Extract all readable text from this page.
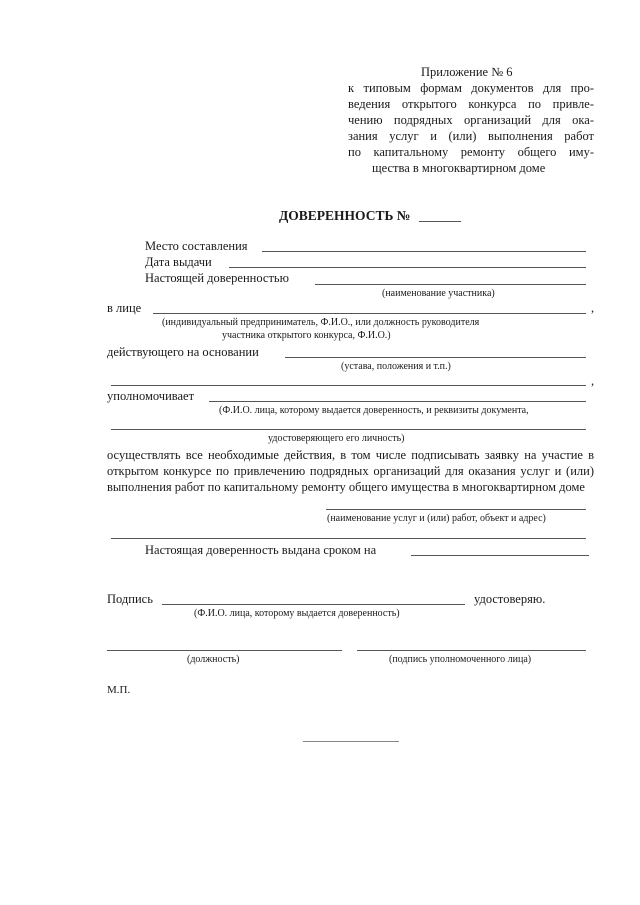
Приложение № 6
к типовым формам документов для про-
ведения открытого конкурса по привле-
чению подрядных организаций для ока-
зания услуг и (или) выполнения работ
по капитальному ремонту общего иму-
щества в многоквартирном доме
ДОВЕРЕННОСТЬ №
Место составления
Дата выдачи
Настоящей доверенностью
(наименование участника)
в лице	,
(индивидуальный предприниматель, Ф.И.О., или должность руководителя
участника открытого конкурса, Ф.И.О.)
действующего на основании
(устава, положения и т.п.)
,
уполномочивает
(Ф.И.О. лица, которому выдается доверенность, и реквизиты документа,
удостоверяющего его личность)
осуществлять все необходимые действия, в том числе подписывать заявку на участие в открытом конкурсе по привлечению подрядных организаций для оказания услуг и (или) выполнения работ по капитальному ремонту общего имущества в многоквартирном доме
(наименование услуг и (или) работ, объект и адрес)
Настоящая доверенность выдана сроком на
Подпись	удостоверяю.
(Ф.И.О. лица, которому выдается доверенность)
(должность)	(подпись уполномоченного лица)
М.П.
